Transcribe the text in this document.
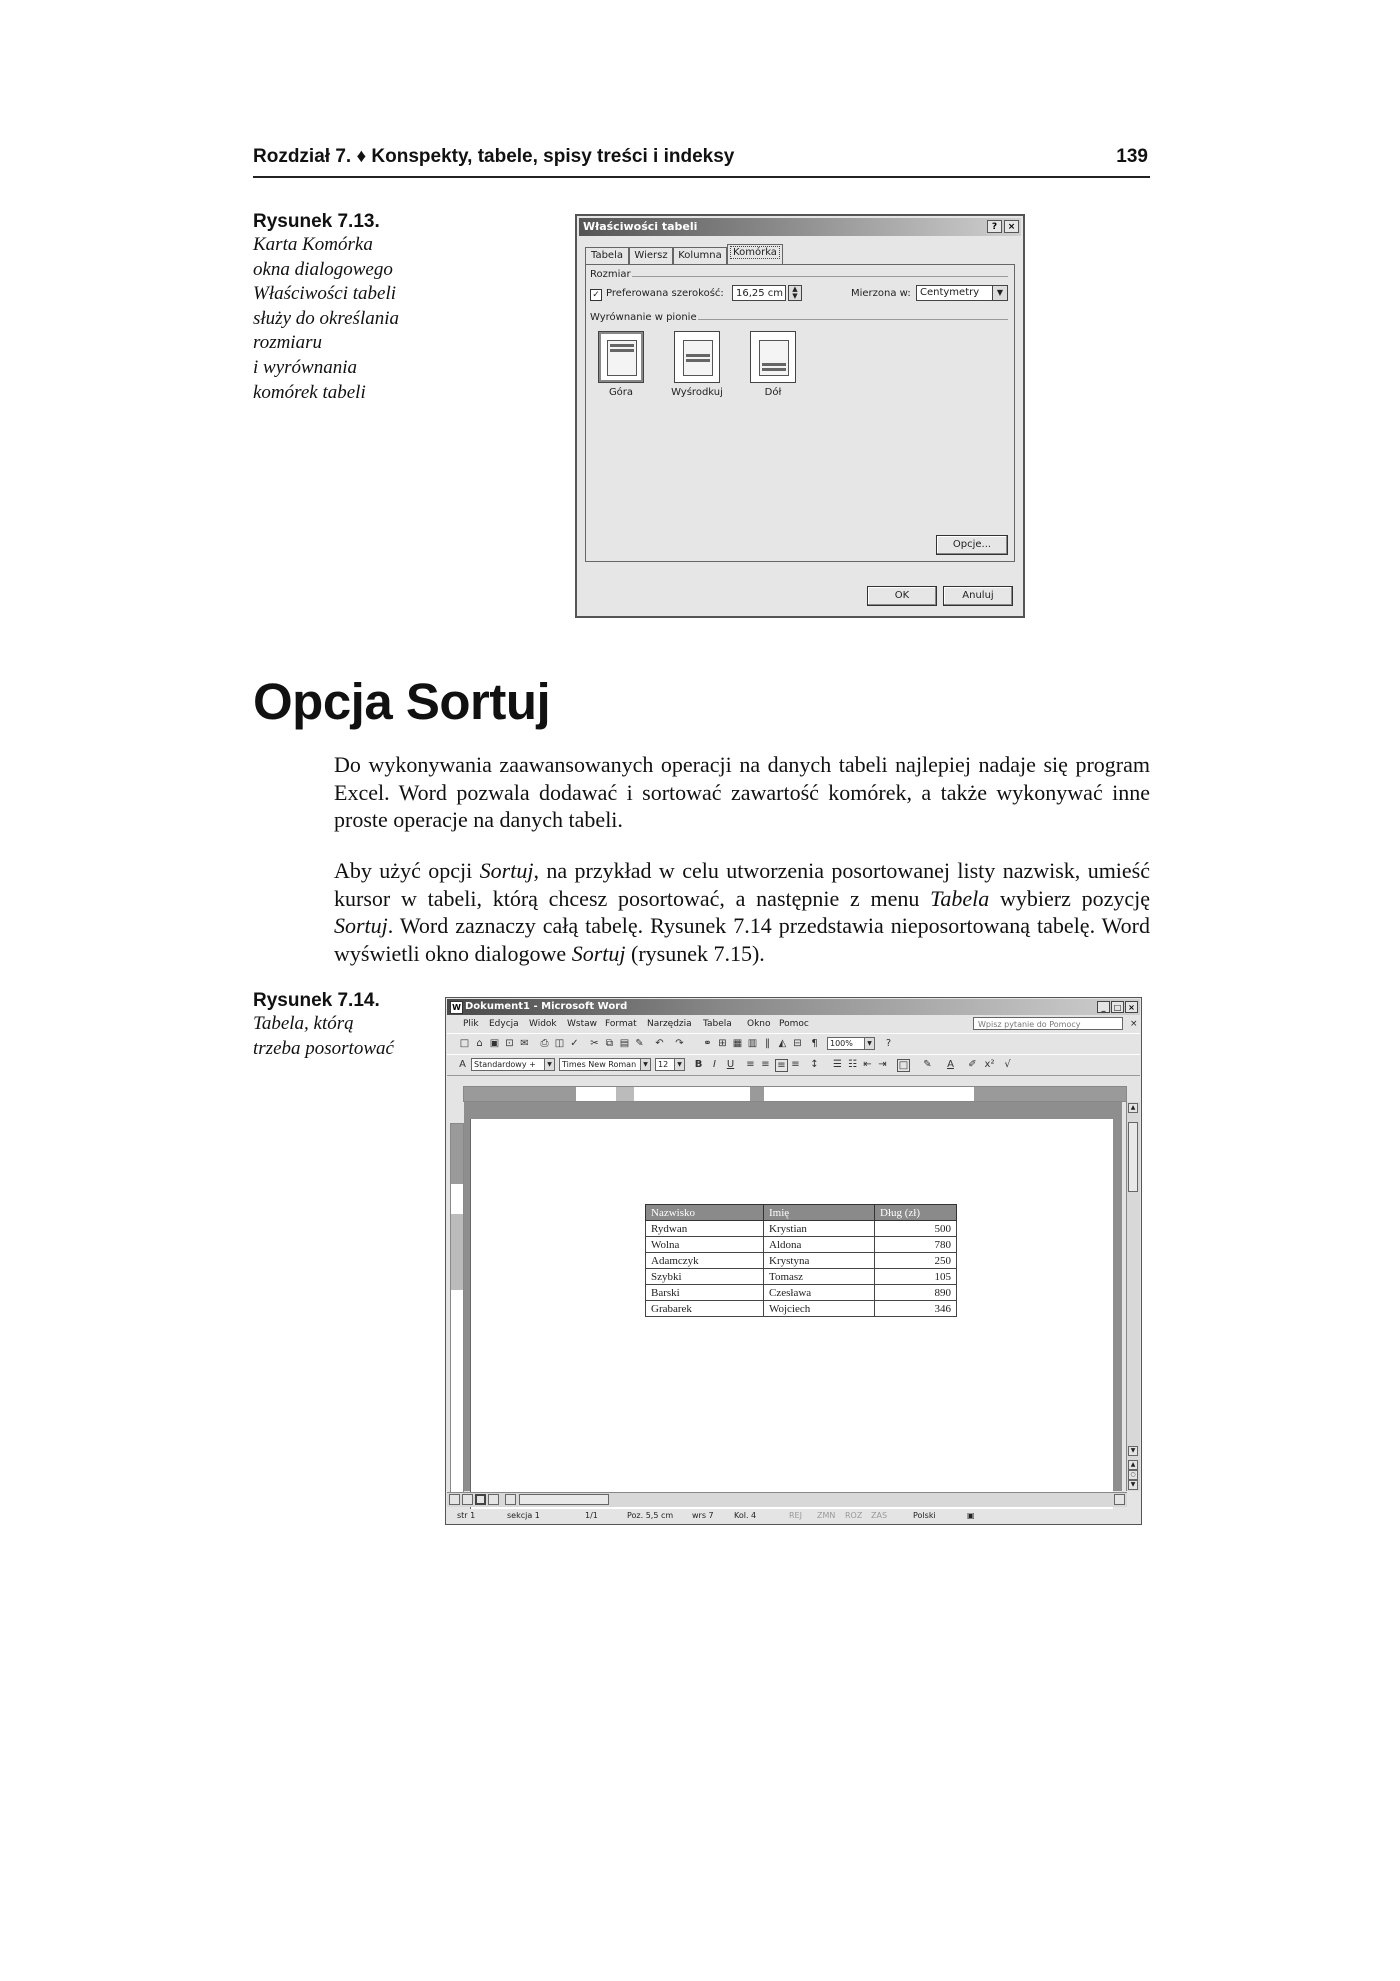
Rozdział 7. ♦ Konspekty, tabele, spisy treści i indeksy	139
Rysunek 7.13.
Karta Komórka
okna dialogowego
Właściwości tabeli
służy do określania
rozmiaru
i wyrównania
komórek tabeli
Właściwości tabeli	?	×
Tabela	Wiersz	Kolumna	Komórka
Rozmiar
✓ Preferowana szerokość:	16,25 cm	▲
▼	Mierzona w: Centymetry	▼
Wyrównanie w pionie
Góra	Wyśrodkuj	Dół
Opcje...
OK	Anuluj
Opcja Sortuj

Do wykonywania zaawansowanych operacji na danych tabeli najlepiej nadaje się program Excel. Word pozwala dodawać i sortować zawartość komórek, a także wykonywać inne proste operacje na danych tabeli.

Aby użyć opcji Sortuj, na przykład w celu utworzenia posortowanej listy nazwisk, umieść kursor w tabeli, którą chcesz posortować, a następnie z menu Tabela wybierz pozycję Sortuj. Word zaznaczy całą tabelę. Rysunek 7.14 przedstawia nieposortowaną tabelę. Word wyświetli okno dialogowe Sortuj (rysunek 7.15).

Rysunek 7.14.
Tabela, którą
trzeba posortować
W Dokument1 - Microsoft Word	_	□ ×
Plik Edycja Widok Wstaw Format Narzędzia Tabela Okno Pomoc	Wpisz pytanie do Pomocy	×
□ ⌂ ▣ ⊡ ✉ ⎙ ◫ ✓ ✂ ⧉ ▤ ✎ ↶ ↷ ⚭ ⊞ ▦ ▥ ‖ ◭ ⊟ ¶	100%	▼ ?
A	Standardowy +	▼	Times New Roman	▼	12	▼ B	I	U ≡ ≡ ≡ ≡ ↕ ☰ ☷ ⇤ ⇥ □ ✎ A ✐ x² √
Nazwisko	Imię	Dług (zł)
Rydwan	Krystian	500
Wolna	Aldona	780
Adamczyk	Krystyna	250
Szybki	Tomasz	105
Barski	Czesława	890
Grabarek	Wojciech	346
▲
▼
▲
○
▼
str 1	sekcja 1	1/1	Poz. 5,5 cm wrs 7	Kol. 4	REJ ZMN ROZ ZAS	Polski	▣
